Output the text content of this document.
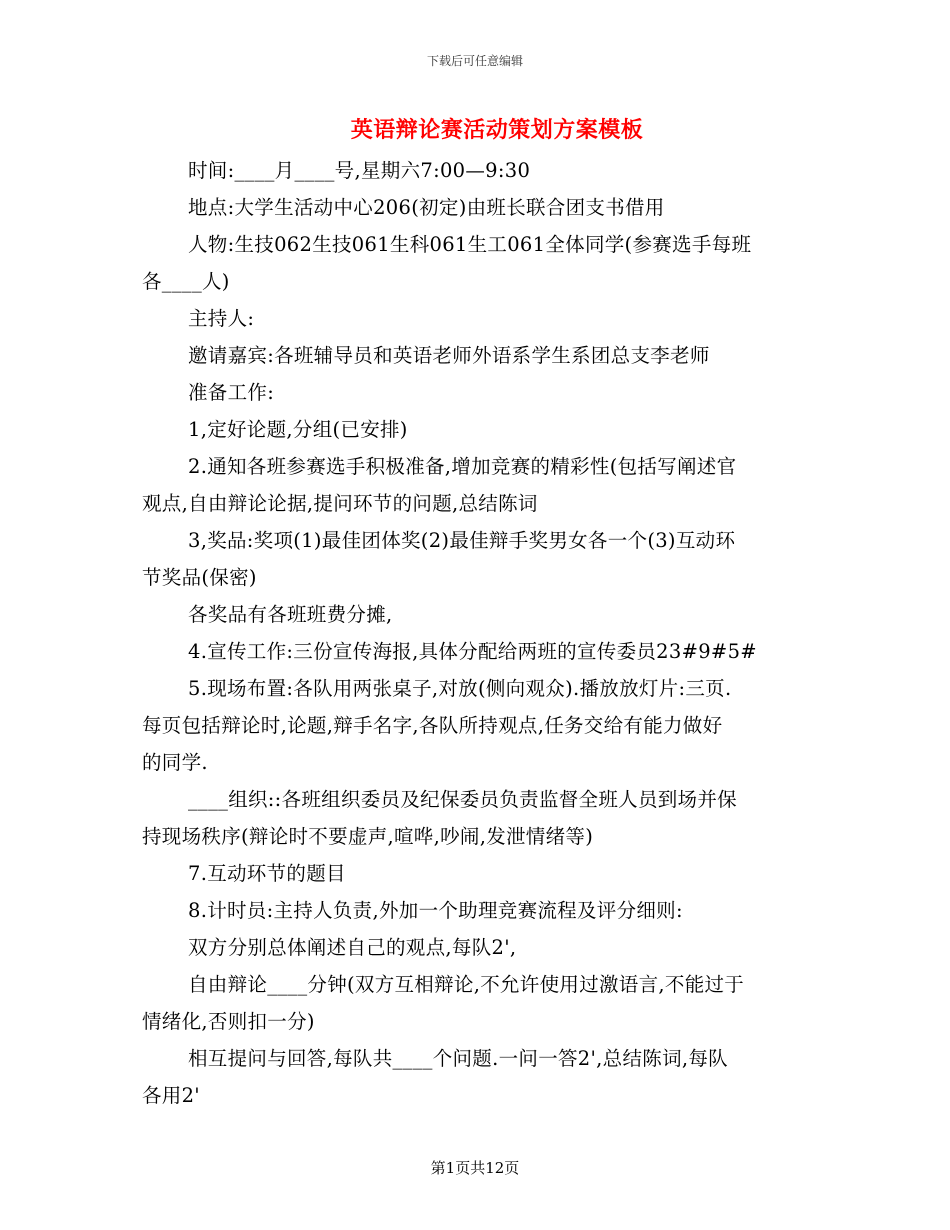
下载后可任意编辑
英语辩论赛活动策划方案模板
时间:____月____号,星期六7:00—9:30
地点:大学生活动中心206(初定)由班长联合团支书借用
人物:生技062生技061生科061生工061全体同学(参赛选手每班
各____人)
主持人:
邀请嘉宾:各班辅导员和英语老师外语系学生系团总支李老师
准备工作:
1,定好论题,分组(已安排)
2.通知各班参赛选手积极准备,增加竞赛的精彩性(包括写阐述官
观点,自由辩论论据,提问环节的问题,总结陈词
3,奖品:奖项(1)最佳团体奖(2)最佳辩手奖男女各一个(3)互动环
节奖品(保密)
各奖品有各班班费分摊,
4.宣传工作:三份宣传海报,具体分配给两班的宣传委员23#9#5#
5.现场布置:各队用两张桌子,对放(侧向观众).播放放灯片:三页.
每页包括辩论时,论题,辩手名字,各队所持观点,任务交给有能力做好
的同学.
____组织::各班组织委员及纪保委员负责监督全班人员到场并保
持现场秩序(辩论时不要虚声,喧哗,吵闹,发泄情绪等)
7.互动环节的题目
8.计时员:主持人负责,外加一个助理竞赛流程及评分细则:
双方分别总体阐述自己的观点,每队2',
自由辩论____分钟(双方互相辩论,不允许使用过激语言,不能过于
情绪化,否则扣一分)
相互提问与回答,每队共____个问题.一问一答2',总结陈词,每队
各用2'
第1页共12页
